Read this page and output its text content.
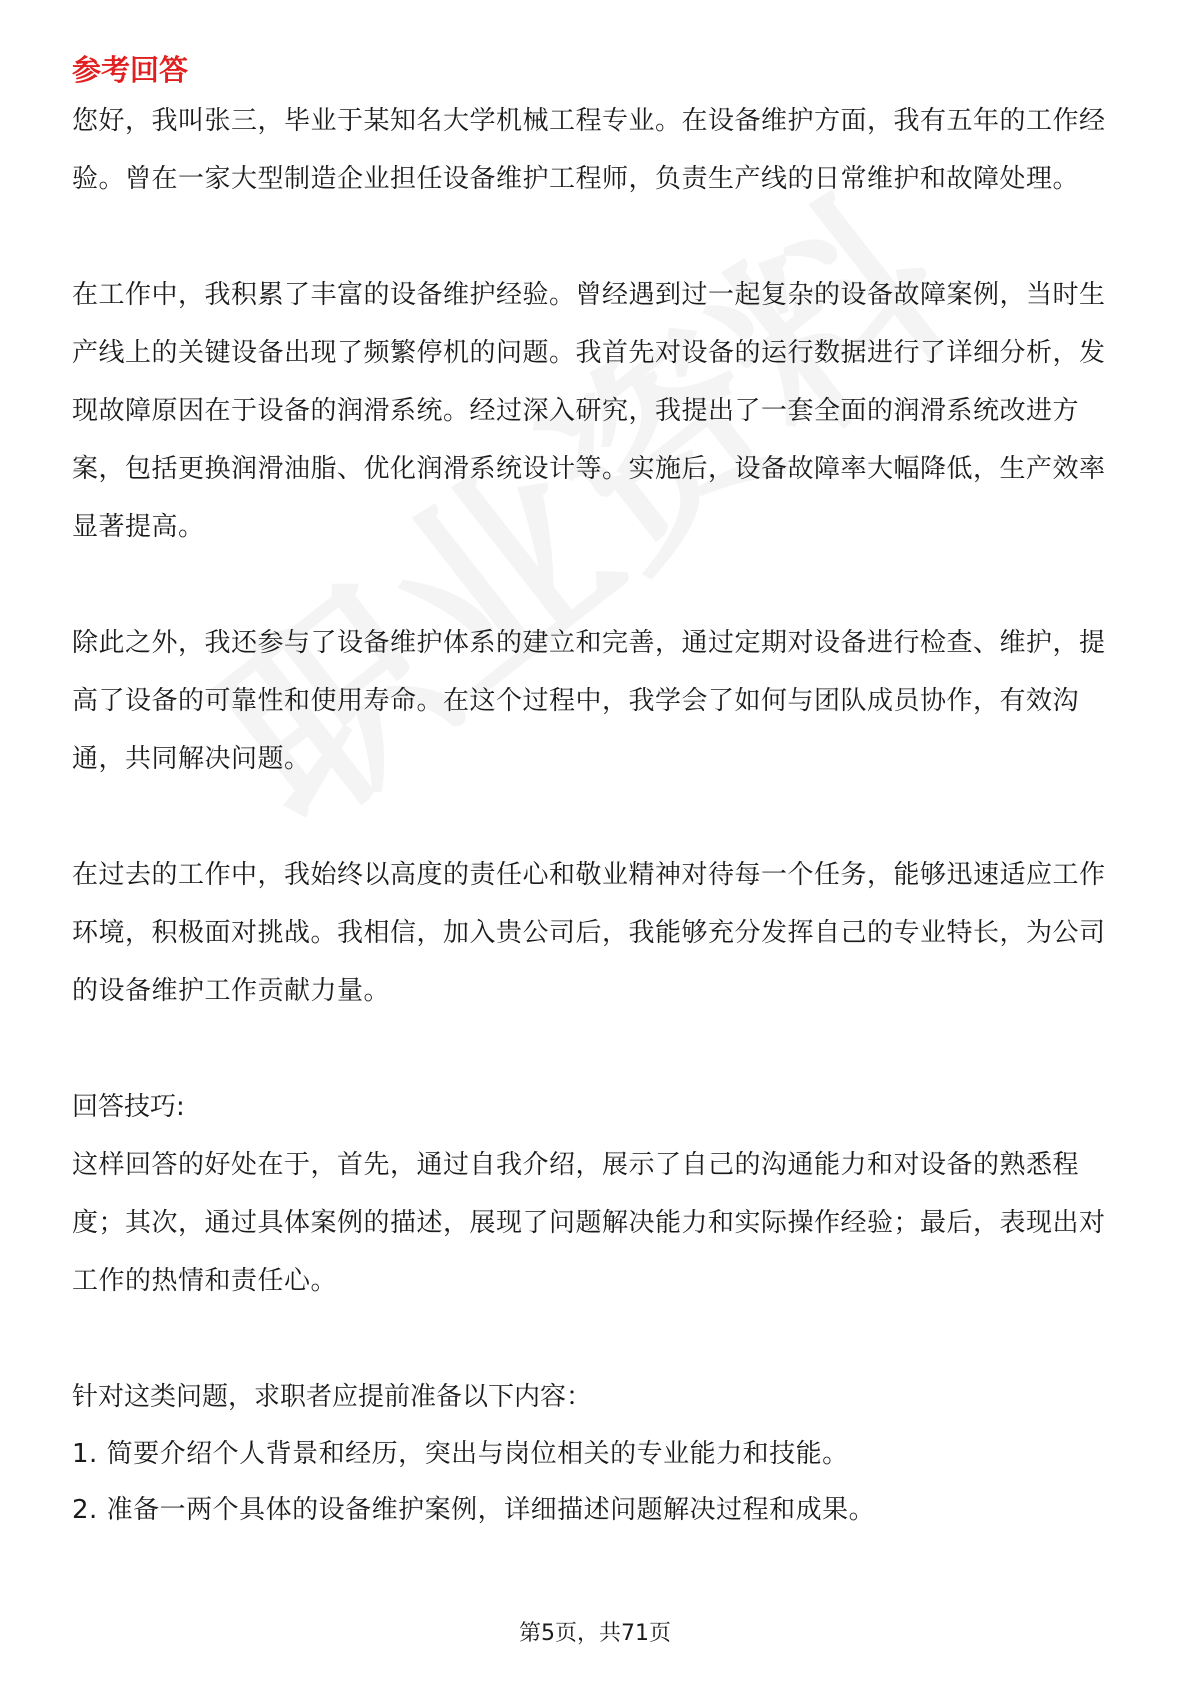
参考回答

您好，我叫张三，毕业于某知名大学机械工程专业。在设备维护方面，我有五年的工作经验。曾在一家大型制造企业担任设备维护工程师，负责生产线的日常维护和故障处理。

在工作中，我积累了丰富的设备维护经验。曾经遇到过一起复杂的设备故障案例，当时生产线上的关键设备出现了频繁停机的问题。我首先对设备的运行数据进行了详细分析，发现故障原因在于设备的润滑系统。经过深入研究，我提出了一套全面的润滑系统改进方案，包括更换润滑油脂、优化润滑系统设计等。实施后，设备故障率大幅降低，生产效率显著提高。

除此之外，我还参与了设备维护体系的建立和完善，通过定期对设备进行检查、维护，提高了设备的可靠性和使用寿命。在这个过程中，我学会了如何与团队成员协作，有效沟通，共同解决问题。

在过去的工作中，我始终以高度的责任心和敬业精神对待每一个任务，能够迅速适应工作环境，积极面对挑战。我相信，加入贵公司后，我能够充分发挥自己的专业特长，为公司的设备维护工作贡献力量。

回答技巧:

这样回答的好处在于，首先，通过自我介绍，展示了自己的沟通能力和对设备的熟悉程度；其次，通过具体案例的描述，展现了问题解决能力和实际操作经验；最后，表现出对工作的热情和责任心。

针对这类问题，求职者应提前准备以下内容：

1. 简要介绍个人背景和经历，突出与岗位相关的专业能力和技能。
2. 准备一两个具体的设备维护案例，详细描述问题解决过程和成果。
第5页，共71页
